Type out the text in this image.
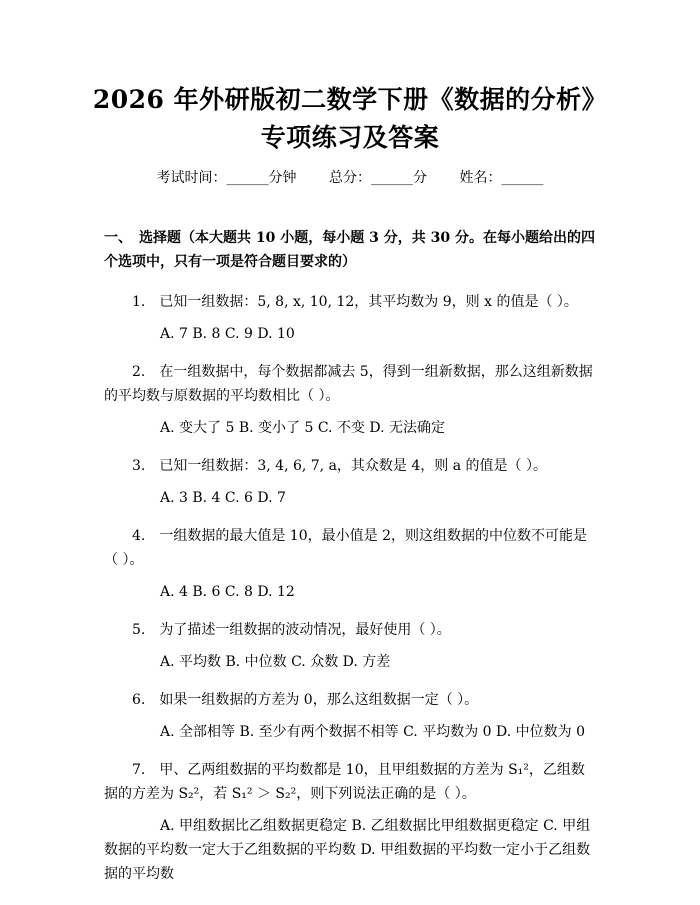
2026 年外研版初二数学下册《数据的分析》
专项练习及答案
考试时间：______分钟 总分：______分 姓名：______

一、　选择题（本大题共 10 小题，每小题 3 分，共 30 分。在每小题给出的四个选项中，只有一项是符合题目要求的）

1.　已知一组数据：5, 8, x, 10, 12，其平均数为 9，则 x 的值是（ ）。

A. 7 B. 8 C. 9 D. 10

2.　在一组数据中，每个数据都减去 5，得到一组新数据，那么这组新数据的平均数与原数据的平均数相比（ ）。

A. 变大了 5 B. 变小了 5 C. 不变 D. 无法确定

3.　已知一组数据：3, 4, 6, 7, a，其众数是 4，则 a 的值是（ ）。

A. 3 B. 4 C. 6 D. 7

4.　一组数据的最大值是 10，最小值是 2，则这组数据的中位数不可能是（ ）。

A. 4 B. 6 C. 8 D. 12

5.　为了描述一组数据的波动情况，最好使用（ ）。

A. 平均数 B. 中位数 C. 众数 D. 方差

6.　如果一组数据的方差为 0，那么这组数据一定（ ）。

A. 全部相等 B. 至少有两个数据不相等 C. 平均数为 0 D. 中位数为 0

7.　甲、乙两组数据的平均数都是 10，且甲组数据的方差为 S₁²，乙组数据的方差为 S₂²，若 S₁² ＞ S₂²，则下列说法正确的是（ ）。

A. 甲组数据比乙组数据更稳定 B. 乙组数据比甲组数据更稳定 C. 甲组数据的平均数一定大于乙组数据的平均数 D. 甲组数据的平均数一定小于乙组数据的平均数
